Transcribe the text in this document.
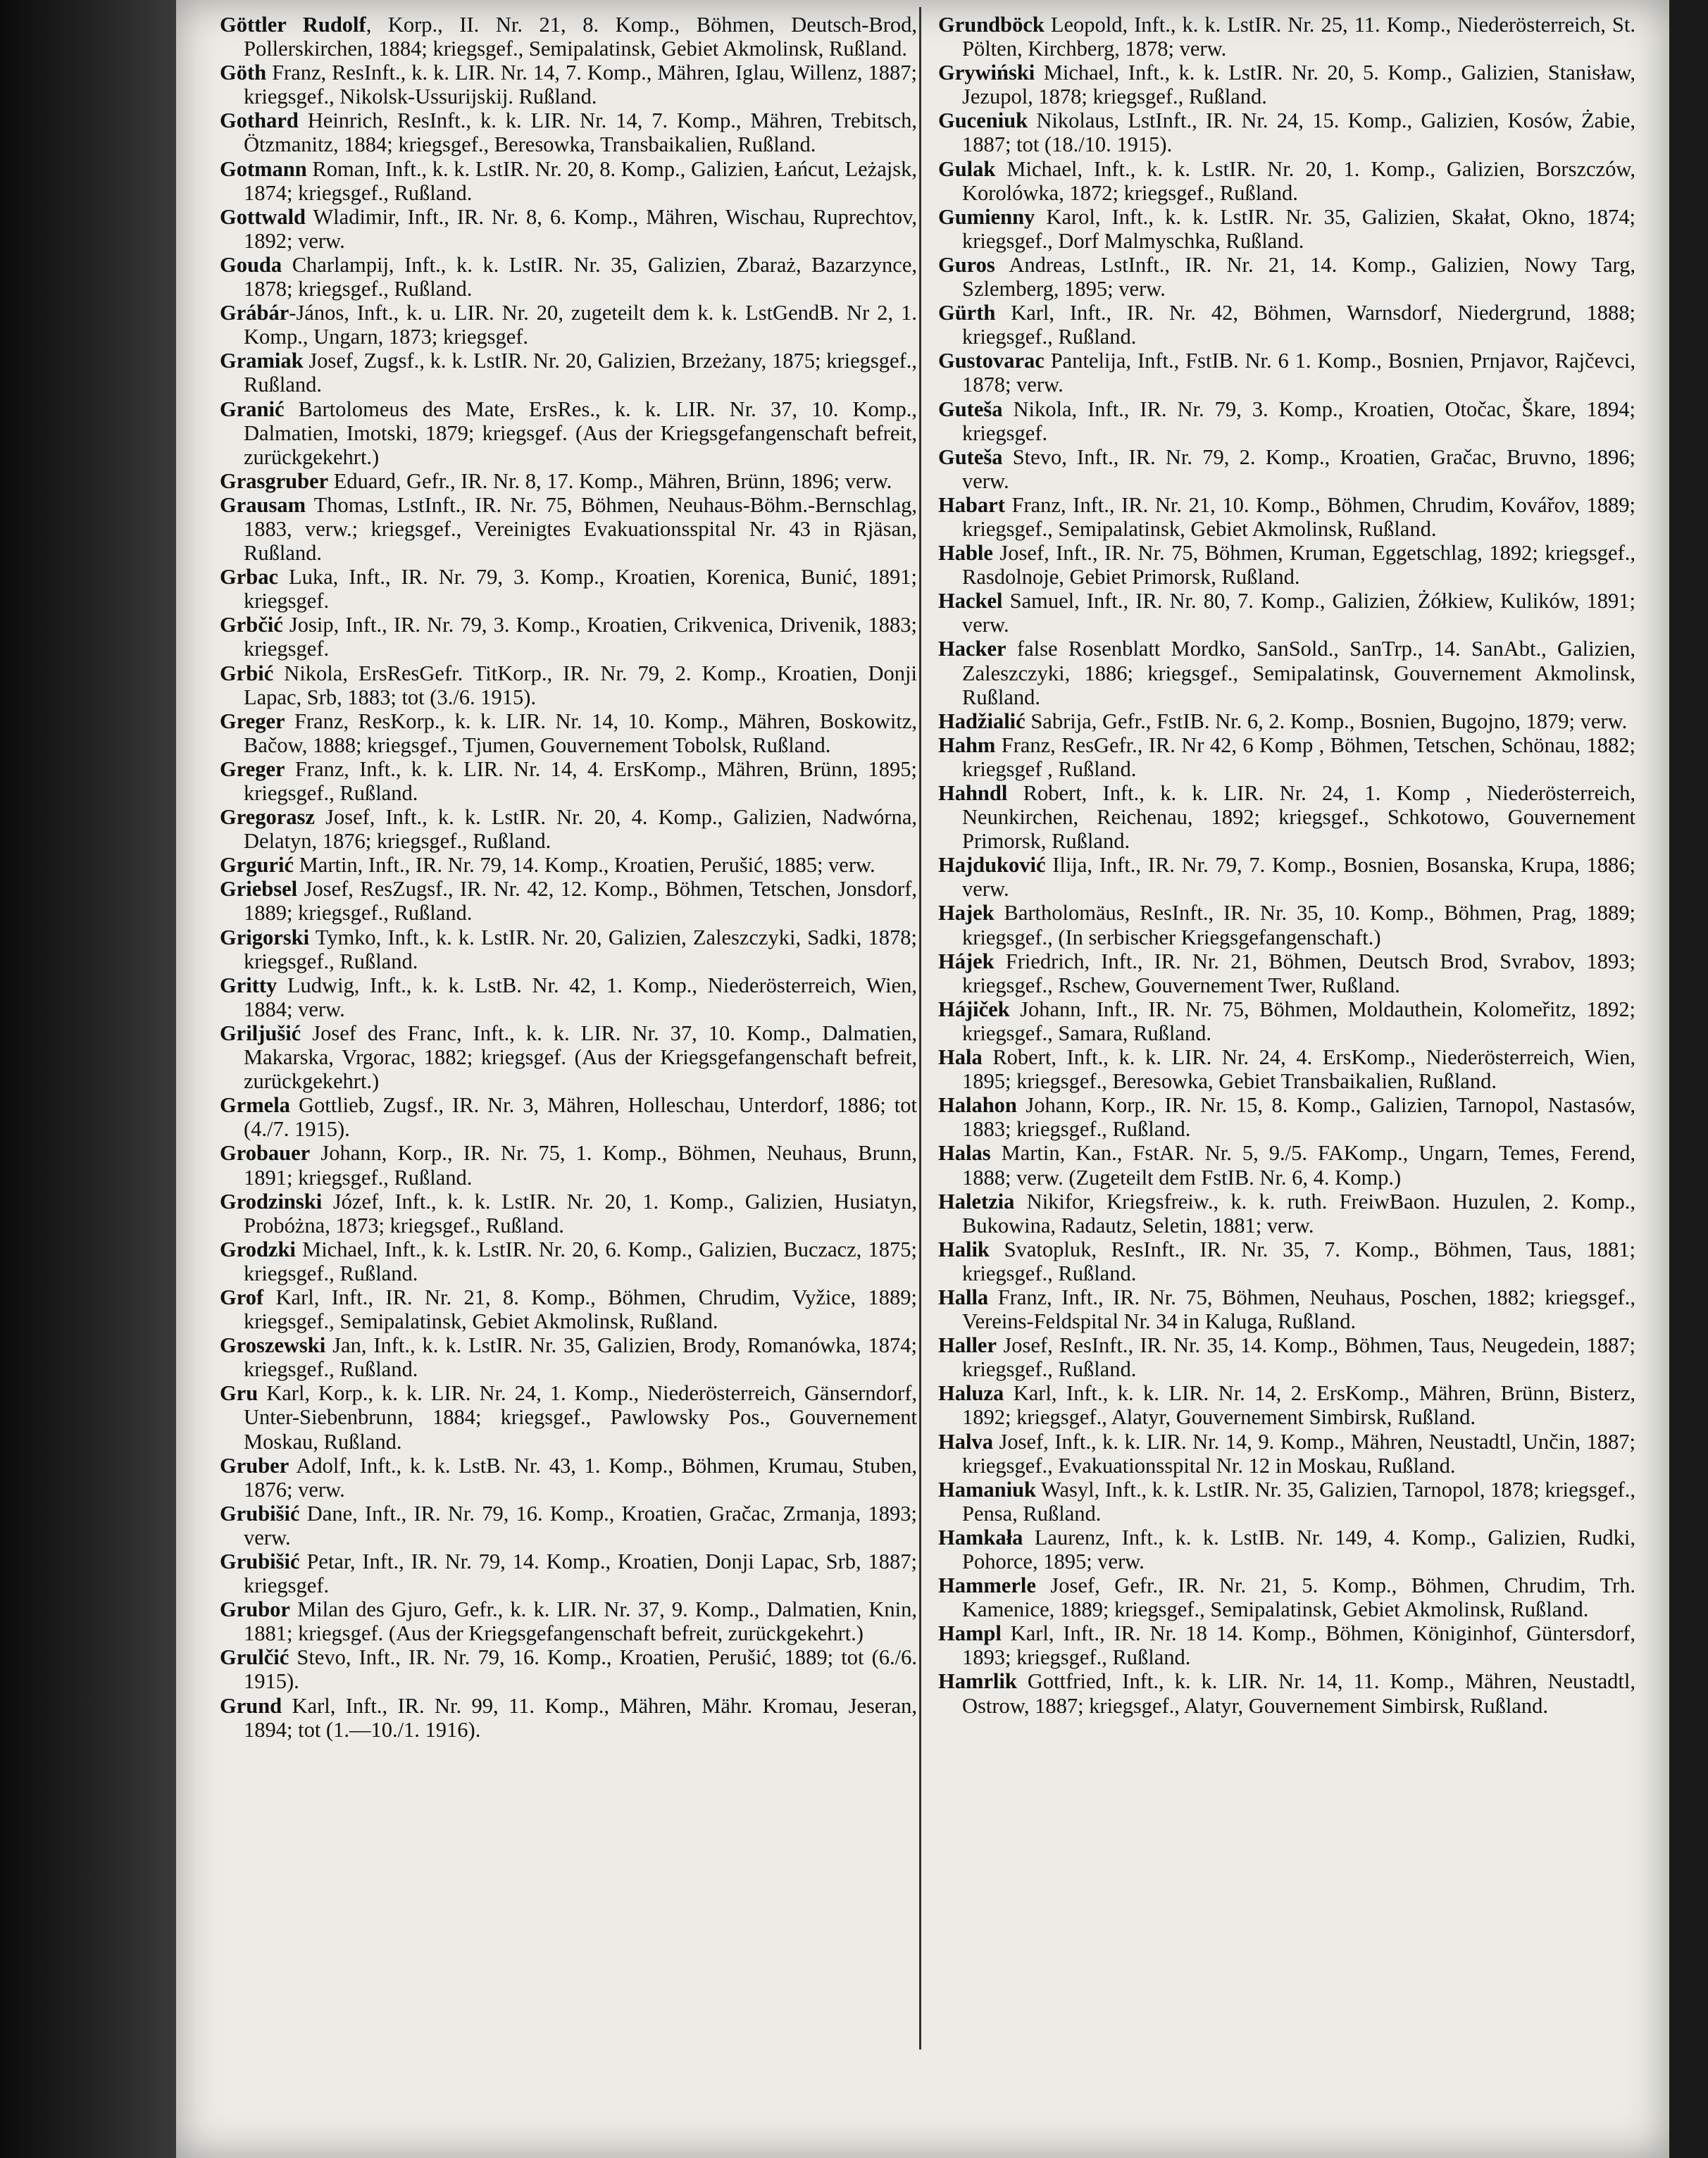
Göttler Rudolf, Korp., II. Nr. 21, 8. Komp., Böhmen, Deutsch-Brod, Pollerskirchen, 1884; kriegsgef., Semipalatinsk, Gebiet Akmolinsk, Rußland.

Göth Franz, ResInft., k. k. LIR. Nr. 14, 7. Komp., Mähren, Iglau, Willenz, 1887; kriegsgef., Nikolsk-Ussurijskij. Rußland.

Gothard Heinrich, ResInft., k. k. LIR. Nr. 14, 7. Komp., Mähren, Trebitsch, Ötzmanitz, 1884; kriegsgef., Beresowka, Transbaikalien, Rußland.

Gotmann Roman, Inft., k. k. LstIR. Nr. 20, 8. Komp., Galizien, Łańcut, Leżajsk, 1874; kriegsgef., Rußland.

Gottwald Wladimir, Inft., IR. Nr. 8, 6. Komp., Mähren, Wischau, Ruprechtov, 1892; verw.

Gouda Charlampij, Inft., k. k. LstIR. Nr. 35, Galizien, Zbaraż, Bazarzynce, 1878; kriegsgef., Rußland.

Grábár-János, Inft., k. u. LIR. Nr. 20, zugeteilt dem k. k. LstGendB. Nr 2, 1. Komp., Ungarn, 1873; kriegsgef.

Gramiak Josef, Zugsf., k. k. LstIR. Nr. 20, Galizien, Brzeżany, 1875; kriegsgef., Rußland.

Granić Bartolomeus des Mate, ErsRes., k. k. LIR. Nr. 37, 10. Komp., Dalmatien, Imotski, 1879; kriegsgef. (Aus der Kriegsgefangenschaft befreit, zurückgekehrt.)

Grasgruber Eduard, Gefr., IR. Nr. 8, 17. Komp., Mähren, Brünn, 1896; verw.

Grausam Thomas, LstInft., IR. Nr. 75, Böhmen, Neuhaus-Böhm.-Bernschlag, 1883, verw.; kriegsgef., Vereinigtes Evakuationsspital Nr. 43 in Rjäsan, Rußland.

Grbac Luka, Inft., IR. Nr. 79, 3. Komp., Kroatien, Korenica, Bunić, 1891; kriegsgef.

Grbčić Josip, Inft., IR. Nr. 79, 3. Komp., Kroatien, Crikvenica, Drivenik, 1883; kriegsgef.

Grbić Nikola, ErsResGefr. TitKorp., IR. Nr. 79, 2. Komp., Kroatien, Donji Lapac, Srb, 1883; tot (3./6. 1915).

Greger Franz, ResKorp., k. k. LIR. Nr. 14, 10. Komp., Mähren, Boskowitz, Bačow, 1888; kriegsgef., Tjumen, Gouvernement Tobolsk, Rußland.

Greger Franz, Inft., k. k. LIR. Nr. 14, 4. ErsKomp., Mähren, Brünn, 1895; kriegsgef., Rußland.

Gregorasz Josef, Inft., k. k. LstIR. Nr. 20, 4. Komp., Galizien, Nadwórna, Delatyn, 1876; kriegsgef., Rußland.

Grgurić Martin, Inft., IR. Nr. 79, 14. Komp., Kroatien, Perušić, 1885; verw.

Griebsel Josef, ResZugsf., IR. Nr. 42, 12. Komp., Böhmen, Tetschen, Jonsdorf, 1889; kriegsgef., Rußland.

Grigorski Tymko, Inft., k. k. LstIR. Nr. 20, Galizien, Zaleszczyki, Sadki, 1878; kriegsgef., Rußland.

Gritty Ludwig, Inft., k. k. LstB. Nr. 42, 1. Komp., Niederösterreich, Wien, 1884; verw.

Griljušić Josef des Franc, Inft., k. k. LIR. Nr. 37, 10. Komp., Dalmatien, Makarska, Vrgorac, 1882; kriegsgef. (Aus der Kriegsgefangenschaft befreit, zurückgekehrt.)

Grmela Gottlieb, Zugsf., IR. Nr. 3, Mähren, Holleschau, Unterdorf, 1886; tot (4./7. 1915).

Grobauer Johann, Korp., IR. Nr. 75, 1. Komp., Böhmen, Neuhaus, Brunn, 1891; kriegsgef., Rußland.

Grodzinski Józef, Inft., k. k. LstIR. Nr. 20, 1. Komp., Galizien, Husiatyn, Probóżna, 1873; kriegsgef., Rußland.

Grodzki Michael, Inft., k. k. LstIR. Nr. 20, 6. Komp., Galizien, Buczacz, 1875; kriegsgef., Rußland.

Grof Karl, Inft., IR. Nr. 21, 8. Komp., Böhmen, Chrudim, Vyžice, 1889; kriegsgef., Semipalatinsk, Gebiet Akmolinsk, Rußland.

Groszewski Jan, Inft., k. k. LstIR. Nr. 35, Galizien, Brody, Romanówka, 1874; kriegsgef., Rußland.

Gru Karl, Korp., k. k. LIR. Nr. 24, 1. Komp., Niederösterreich, Gänserndorf, Unter-Siebenbrunn, 1884; kriegsgef., Pawlowsky Pos., Gouvernement Moskau, Rußland.

Gruber Adolf, Inft., k. k. LstB. Nr. 43, 1. Komp., Böhmen, Krumau, Stuben, 1876; verw.

Grubišić Dane, Inft., IR. Nr. 79, 16. Komp., Kroatien, Gračac, Zrmanja, 1893; verw.

Grubišić Petar, Inft., IR. Nr. 79, 14. Komp., Kroatien, Donji Lapac, Srb, 1887; kriegsgef.

Grubor Milan des Gjuro, Gefr., k. k. LIR. Nr. 37, 9. Komp., Dalmatien, Knin, 1881; kriegsgef. (Aus der Kriegsgefangenschaft befreit, zurückgekehrt.)

Grulčić Stevo, Inft., IR. Nr. 79, 16. Komp., Kroatien, Perušić, 1889; tot (6./6. 1915).

Grund Karl, Inft., IR. Nr. 99, 11. Komp., Mähren, Mähr. Kromau, Jeseran, 1894; tot (1.—10./1. 1916).

Grundböck Leopold, Inft., k. k. LstIR. Nr. 25, 11. Komp., Niederösterreich, St. Pölten, Kirchberg, 1878; verw.

Grywiński Michael, Inft., k. k. LstIR. Nr. 20, 5. Komp., Galizien, Stanisław, Jezupol, 1878; kriegsgef., Rußland.

Guceniuk Nikolaus, LstInft., IR. Nr. 24, 15. Komp., Galizien, Kosów, Żabie, 1887; tot (18./10. 1915).

Gulak Michael, Inft., k. k. LstIR. Nr. 20, 1. Komp., Galizien, Borszczów, Korolówka, 1872; kriegsgef., Rußland.

Gumienny Karol, Inft., k. k. LstIR. Nr. 35, Galizien, Skałat, Okno, 1874; kriegsgef., Dorf Malmyschka, Rußland.

Guros Andreas, LstInft., IR. Nr. 21, 14. Komp., Galizien, Nowy Targ, Szlemberg, 1895; verw.

Gürth Karl, Inft., IR. Nr. 42, Böhmen, Warnsdorf, Niedergrund, 1888; kriegsgef., Rußland.

Gustovarac Pantelija, Inft., FstIB. Nr. 6 1. Komp., Bosnien, Prnjavor, Rajčevci, 1878; verw.

Guteša Nikola, Inft., IR. Nr. 79, 3. Komp., Kroatien, Otočac, Škare, 1894; kriegsgef.

Guteša Stevo, Inft., IR. Nr. 79, 2. Komp., Kroatien, Gračac, Bruvno, 1896; verw.

Habart Franz, Inft., IR. Nr. 21, 10. Komp., Böhmen, Chrudim, Kovářov, 1889; kriegsgef., Semipalatinsk, Gebiet Akmolinsk, Rußland.

Hable Josef, Inft., IR. Nr. 75, Böhmen, Kruman, Eggetschlag, 1892; kriegsgef., Rasdolnoje, Gebiet Primorsk, Rußland.

Hackel Samuel, Inft., IR. Nr. 80, 7. Komp., Galizien, Żółkiew, Kulików, 1891; verw.

Hacker false Rosenblatt Mordko, SanSold., SanTrp., 14. SanAbt., Galizien, Zaleszczyki, 1886; kriegsgef., Semipalatinsk, Gouvernement Akmolinsk, Rußland.

Hadžialić Sabrija, Gefr., FstIB. Nr. 6, 2. Komp., Bosnien, Bugojno, 1879; verw.

Hahm Franz, ResGefr., IR. Nr 42, 6 Komp , Böhmen, Tetschen, Schönau, 1882; kriegsgef , Rußland.

Hahndl Robert, Inft., k. k. LIR. Nr. 24, 1. Komp , Niederösterreich, Neunkirchen, Reichenau, 1892; kriegsgef., Schkotowo, Gouvernement Primorsk, Rußland.

Hajduković Ilija, Inft., IR. Nr. 79, 7. Komp., Bosnien, Bosanska, Krupa, 1886; verw.

Hajek Bartholomäus, ResInft., IR. Nr. 35, 10. Komp., Böhmen, Prag, 1889; kriegsgef., (In serbischer Kriegsgefangenschaft.)

Hájek Friedrich, Inft., IR. Nr. 21, Böhmen, Deutsch Brod, Svrabov, 1893; kriegsgef., Rschew, Gouvernement Twer, Rußland.

Hájiček Johann, Inft., IR. Nr. 75, Böhmen, Moldauthein, Kolomeřitz, 1892; kriegsgef., Samara, Rußland.

Hala Robert, Inft., k. k. LIR. Nr. 24, 4. ErsKomp., Niederösterreich, Wien, 1895; kriegsgef., Beresowka, Gebiet Transbaikalien, Rußland.

Halahon Johann, Korp., IR. Nr. 15, 8. Komp., Galizien, Tarnopol, Nastasów, 1883; kriegsgef., Rußland.

Halas Martin, Kan., FstAR. Nr. 5, 9./5. FAKomp., Ungarn, Temes, Ferend, 1888; verw. (Zugeteilt dem FstIB. Nr. 6, 4. Komp.)

Haletzia Nikifor, Kriegsfreiw., k. k. ruth. FreiwBaon. Huzulen, 2. Komp., Bukowina, Radautz, Seletin, 1881; verw.

Halik Svatopluk, ResInft., IR. Nr. 35, 7. Komp., Böhmen, Taus, 1881; kriegsgef., Rußland.

Halla Franz, Inft., IR. Nr. 75, Böhmen, Neuhaus, Poschen, 1882; kriegsgef., Vereins-Feldspital Nr. 34 in Kaluga, Rußland.

Haller Josef, ResInft., IR. Nr. 35, 14. Komp., Böhmen, Taus, Neugedein, 1887; kriegsgef., Rußland.

Haluza Karl, Inft., k. k. LIR. Nr. 14, 2. ErsKomp., Mähren, Brünn, Bisterz, 1892; kriegsgef., Alatyr, Gouvernement Simbirsk, Rußland.

Halva Josef, Inft., k. k. LIR. Nr. 14, 9. Komp., Mähren, Neustadtl, Unčin, 1887; kriegsgef., Evakuationsspital Nr. 12 in Moskau, Rußland.

Hamaniuk Wasyl, Inft., k. k. LstIR. Nr. 35, Galizien, Tarnopol, 1878; kriegsgef., Pensa, Rußland.

Hamkała Laurenz, Inft., k. k. LstIB. Nr. 149, 4. Komp., Galizien, Rudki, Pohorce, 1895; verw.

Hammerle Josef, Gefr., IR. Nr. 21, 5. Komp., Böhmen, Chrudim, Trh. Kamenice, 1889; kriegsgef., Semipalatinsk, Gebiet Akmolinsk, Rußland.

Hampl Karl, Inft., IR. Nr. 18 14. Komp., Böhmen, Königinhof, Güntersdorf, 1893; kriegsgef., Rußland.

Hamrlik Gottfried, Inft., k. k. LIR. Nr. 14, 11. Komp., Mähren, Neustadtl, Ostrow, 1887; kriegsgef., Alatyr, Gouvernement Simbirsk, Rußland.
